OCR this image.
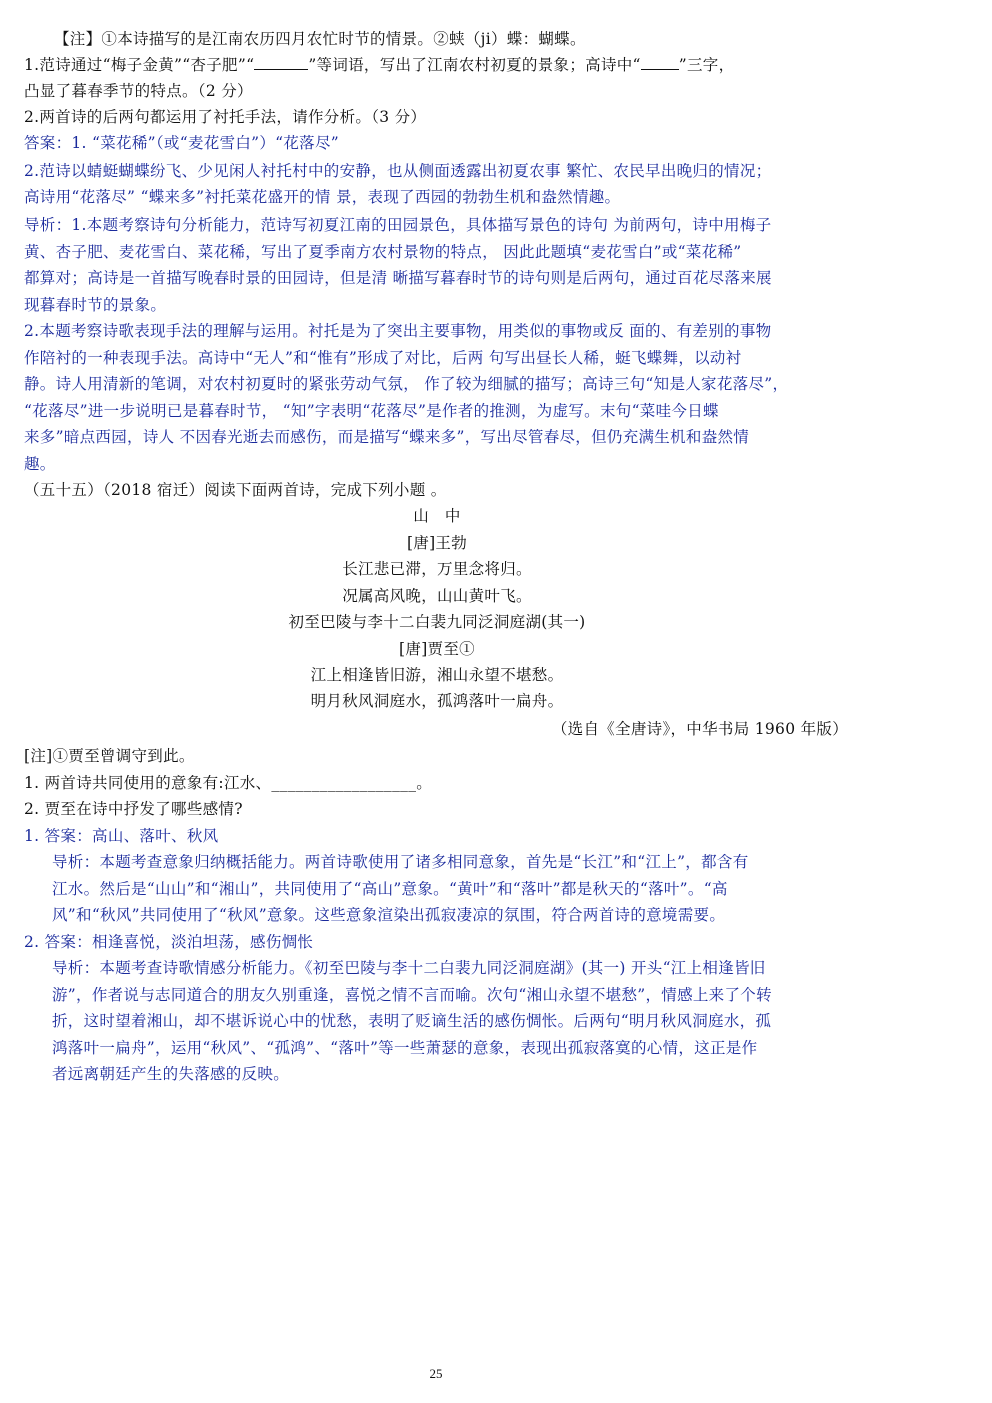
【注】①本诗描写的是江南农历四月农忙时节的情景。②蛱（ji）蝶：蝴蝶。
1.范诗通过“梅子金黄”“杏子肥”“	”等词语，写出了江南农村初夏的景象；高诗中“ ”三字，
凸显了暮春季节的特点。（2 分）
2.两首诗的后两句都运用了衬托手法，请作分析。（3 分）
答案：1. “菜花稀”（或“麦花雪白”）“花落尽”
2.范诗以蜻蜓蝴蝶纷飞、少见闲人衬托村中的安静，也从侧面透露出初夏农事 繁忙、农民早出晚归的情况；
高诗用“花落尽” “蝶来多”衬托菜花盛开的情 景，表现了西园的勃勃生机和盎然情趣。
导析：1.本题考察诗句分析能力，范诗写初夏江南的田园景色，具体描写景色的诗句 为前两句，诗中用梅子
黄、杏子肥、麦花雪白、菜花稀，写出了夏季南方农村景物的特点， 因此此题填“麦花雪白”或“菜花稀”
都算对；高诗是一首描写晚春时景的田园诗，但是清 晰描写暮春时节的诗句则是后两句，通过百花尽落来展
现暮春时节的景象。
2.本题考察诗歌表现手法的理解与运用。衬托是为了突出主要事物，用类似的事物或反 面的、有差别的事物
作陪衬的一种表现手法。高诗中“无人”和“惟有”形成了对比，后两 句写出昼长人稀，蜓飞蝶舞，以动衬
静。诗人用清新的笔调，对农村初夏时的紧张劳动气氛， 作了较为细腻的描写；高诗三句“知是人家花落尽”，
“花落尽”进一步说明已是暮春时节， “知”字表明“花落尽”是作者的推测，为虚写。末句“菜哇今日蝶
来多”暗点西园，诗人 不因春光逝去而感伤，而是描写“蝶来多”，写出尽管春尽，但仍充满生机和盎然情
趣。
（五十五）（2018 宿迁）阅读下面两首诗，完成下列小题 。
山　中
[唐]王勃
长江悲已滞，万里念将归。
况属高风晚，山山黄叶飞。
初至巴陵与李十二白裴九同泛洞庭湖(其一)
[唐]贾至①
江上相逢皆旧游，湘山永望不堪愁。
明月秋风洞庭水，孤鸿落叶一扁舟。
（选自《全唐诗》，中华书局 1960 年版）
[注]①贾至曾调守到此。
1. 两首诗共同使用的意象有:江水、__________________。
2. 贾至在诗中抒发了哪些感情?
1. 答案：高山、落叶、秋风
导析：本题考查意象归纳概括能力。两首诗歌使用了诸多相同意象，首先是“长江”和“江上”，都含有
江水。然后是“山山”和“湘山”，共同使用了“高山”意象。“黄叶”和“落叶”都是秋天的“落叶”。“高
风”和“秋风”共同使用了“秋风”意象。这些意象渲染出孤寂凄凉的氛围，符合两首诗的意境需要。
2. 答案：相逢喜悦，淡泊坦荡，感伤惆怅
导析：本题考查诗歌情感分析能力。《初至巴陵与李十二白裴九同泛洞庭湖》(其一) 开头“江上相逢皆旧
游”，作者说与志同道合的朋友久别重逢，喜悦之情不言而喻。次句“湘山永望不堪愁”，情感上来了个转
折，这时望着湘山，却不堪诉说心中的忧愁，表明了贬谪生活的感伤惆怅。后两句“明月秋风洞庭水，孤
鸿落叶一扁舟”，运用“秋风”、“孤鸿”、“落叶”等一些萧瑟的意象，表现出孤寂落寞的心情，这正是作
者远离朝廷产生的失落感的反映。
25
